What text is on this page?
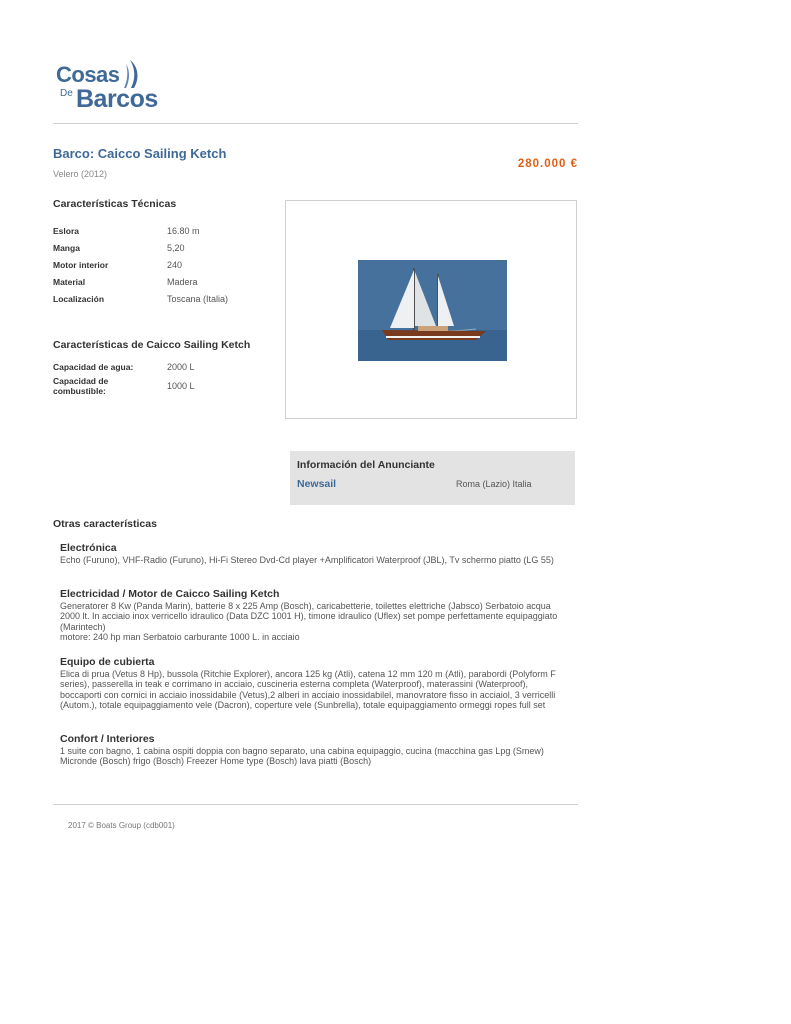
Cosas
De Barcos
Barco: Caicco Sailing Ketch
Velero (2012)
280.000 €
Características Técnicas
Eslora	16.80 m
Manga	5,20
Motor interior	240
Material	Madera
Localización	Toscana (Italia)
Características de Caicco Sailing Ketch
Capacidad de agua:	2000 L
Capacidad de combustible:	1000 L
Información del Anunciante
Newsail	Roma (Lazio) Italia
Otras características
Electrónica

Echo (Furuno), VHF-Radio (Furuno), Hi-Fi Stereo Dvd-Cd player +Amplificatori Waterproof (JBL), Tv schermo piatto (LG 55)

Electricidad / Motor de Caicco Sailing Ketch

Generatorer 8 Kw (Panda Marin), batterie 8 x 225 Amp (Bosch), caricabetterie, toilettes elettriche (Jabsco) Serbatoio acqua 2000 lt. In acciaio inox verricello idraulico (Data DZC 1001 H), timone idraulico (Uflex) set pompe perfettamente equipaggiato (Marintech)
motore: 240 hp man Serbatoio carburante 1000 L. in acciaio

Equipo de cubierta

Elica di prua (Vetus 8 Hp), bussola (Ritchie Explorer), ancora 125 kg (Atli), catena 12 mm 120 m (Atli), parabordi (Polyform F series), passerella in teak e corrimano in acciaio, cuscineria esterna completa (Waterproof), materassini (Waterproof), boccaporti con cornici in acciaio inossidabile (Vetus),2 alberi in acciaio inossidabilel, manovratore fisso in acciaiol, 3 verricelli (Autom.), totale equipaggiamento vele (Dacron), coperture vele (Sunbrella), totale equipaggiamento ormeggi ropes full set

Confort / Interiores

1 suite con bagno, 1 cabina ospiti doppia con bagno separato, una cabina equipaggio, cucina (macchina gas Lpg (Smew) Micronde (Bosch) frigo (Bosch) Freezer Home type (Bosch) lava piatti (Bosch)

2017 © Boats Group (cdb001)
